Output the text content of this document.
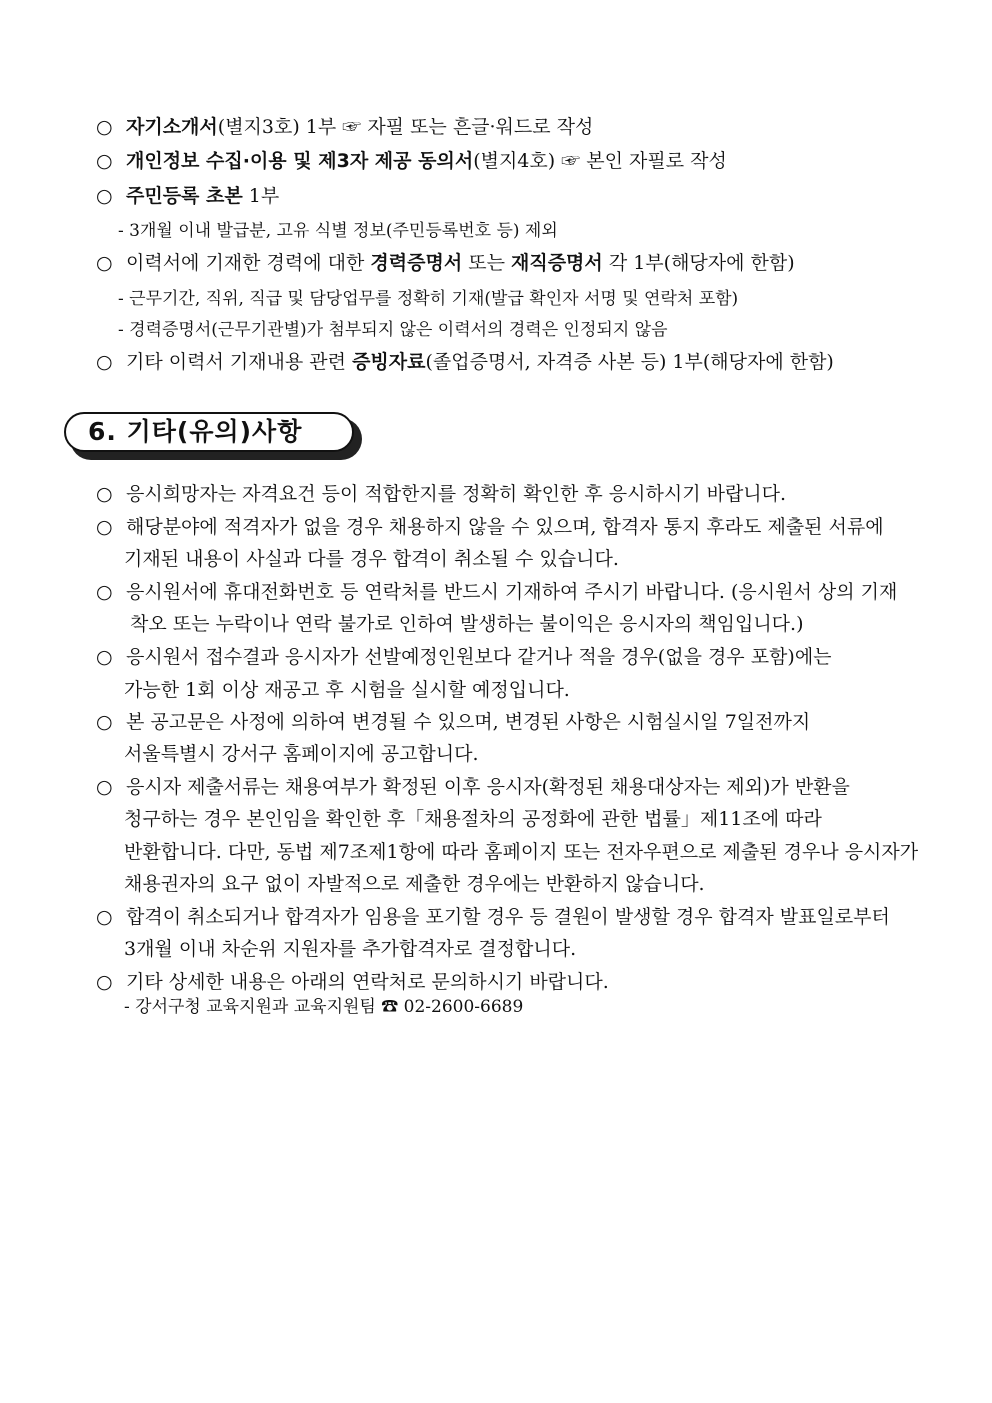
○ 자기소개서(별지3호) 1부 ☞ 자필 또는 흔글·워드로 작성
○ 개인정보 수집·이용 및 제3자 제공 동의서(별지4호) ☞ 본인 자필로 작성
○ 주민등록 초본 1부
- 3개월 이내 발급분, 고유 식별 정보(주민등록번호 등) 제외
○ 이력서에 기재한 경력에 대한 경력증명서 또는 재직증명서 각 1부(해당자에 한함)
- 근무기간, 직위, 직급 및 담당업무를 정확히 기재(발급 확인자 서명 및 연락처 포함)
- 경력증명서(근무기관별)가 첨부되지 않은 이력서의 경력은 인정되지 않음
○ 기타 이력서 기재내용 관련 증빙자료(졸업증명서, 자격증 사본 등) 1부(해당자에 한함)
6. 기타(유의)사항
○ 응시희망자는 자격요건 등이 적합한지를 정확히 확인한 후 응시하시기 바랍니다.
○ 해당분야에 적격자가 없을 경우 채용하지 않을 수 있으며, 합격자 통지 후라도 제출된 서류에
기재된 내용이 사실과 다를 경우 합격이 취소될 수 있습니다.
○ 응시원서에 휴대전화번호 등 연락처를 반드시 기재하여 주시기 바랍니다. (응시원서 상의 기재
착오 또는 누락이나 연락 불가로 인하여 발생하는 불이익은 응시자의 책임입니다.)
○ 응시원서 접수결과 응시자가 선발예정인원보다 같거나 적을 경우(없을 경우 포함)에는
가능한 1회 이상 재공고 후 시험을 실시할 예정입니다.
○ 본 공고문은 사정에 의하여 변경될 수 있으며, 변경된 사항은 시험실시일 7일전까지
서울특별시 강서구 홈페이지에 공고합니다.
○ 응시자 제출서류는 채용여부가 확정된 이후 응시자(확정된 채용대상자는 제외)가 반환을
청구하는 경우 본인임을 확인한 후「채용절차의 공정화에 관한 법률」제11조에 따라
반환합니다. 다만, 동법 제7조제1항에 따라 홈페이지 또는 전자우편으로 제출된 경우나 응시자가
채용권자의 요구 없이 자발적으로 제출한 경우에는 반환하지 않습니다.
○ 합격이 취소되거나 합격자가 임용을 포기할 경우 등 결원이 발생할 경우 합격자 발표일로부터
3개월 이내 차순위 지원자를 추가합격자로 결정합니다.
○ 기타 상세한 내용은 아래의 연락처로 문의하시기 바랍니다.
- 강서구청 교육지원과 교육지원팀 ☎ 02-2600-6689
